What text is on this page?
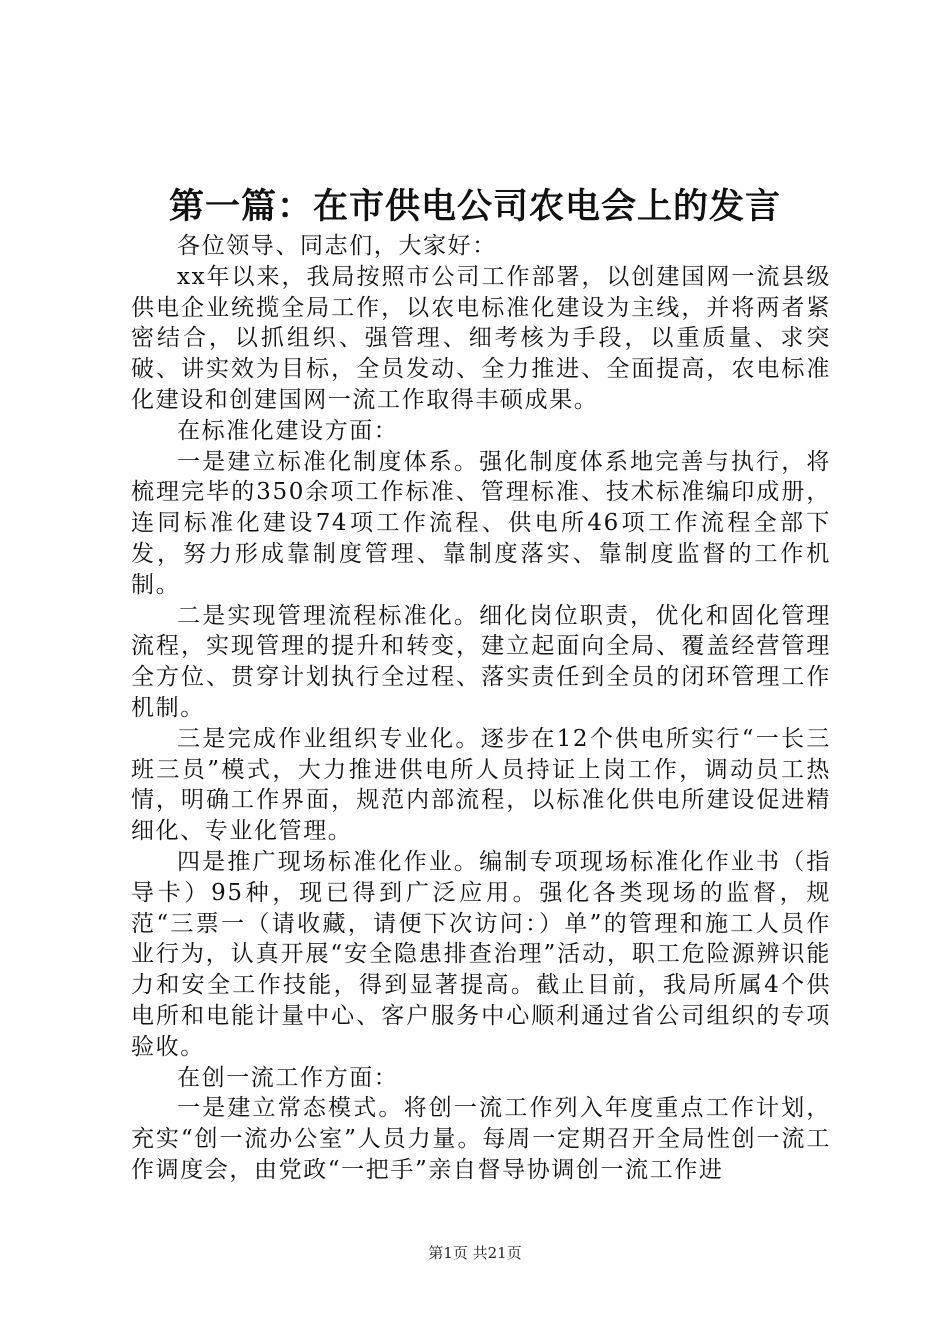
第一篇：在市供电公司农电会上的发言

各位领导、同志们，大家好：

xx年以来，我局按照市公司工作部署，以创建国网一流县级供电企业统揽全局工作，以农电标准化建设为主线，并将两者紧密结合，以抓组织、强管理、细考核为手段，以重质量、求突破、讲实效为目标，全员发动、全力推进、全面提高，农电标准化建设和创建国网一流工作取得丰硕成果。

在标准化建设方面：

一是建立标准化制度体系。强化制度体系地完善与执行，将梳理完毕的350余项工作标准、管理标准、技术标准编印成册，连同标准化建设74项工作流程、供电所46项工作流程全部下发，努力形成靠制度管理、靠制度落实、靠制度监督的工作机制。

二是实现管理流程标准化。细化岗位职责，优化和固化管理流程，实现管理的提升和转变，建立起面向全局、覆盖经营管理全方位、贯穿计划执行全过程、落实责任到全员的闭环管理工作机制。

三是完成作业组织专业化。逐步在12个供电所实行“一长三班三员”模式，大力推进供电所人员持证上岗工作，调动员工热情，明确工作界面，规范内部流程，以标准化供电所建设促进精细化、专业化管理。

四是推广现场标准化作业。编制专项现场标准化作业书（指导卡）95种，现已得到广泛应用。强化各类现场的监督，规范“三票一（请收藏，请便下次访问：）单”的管理和施工人员作业行为，认真开展“安全隐患排查治理”活动，职工危险源辨识能力和安全工作技能，得到显著提高。截止目前，我局所属4个供电所和电能计量中心、客户服务中心顺利通过省公司组织的专项验收。

在创一流工作方面：

一是建立常态模式。将创一流工作列入年度重点工作计划，充实“创一流办公室”人员力量。每周一定期召开全局性创一流工作调度会，由党政“一把手”亲自督导协调创一流工作进

第1页 共21页
